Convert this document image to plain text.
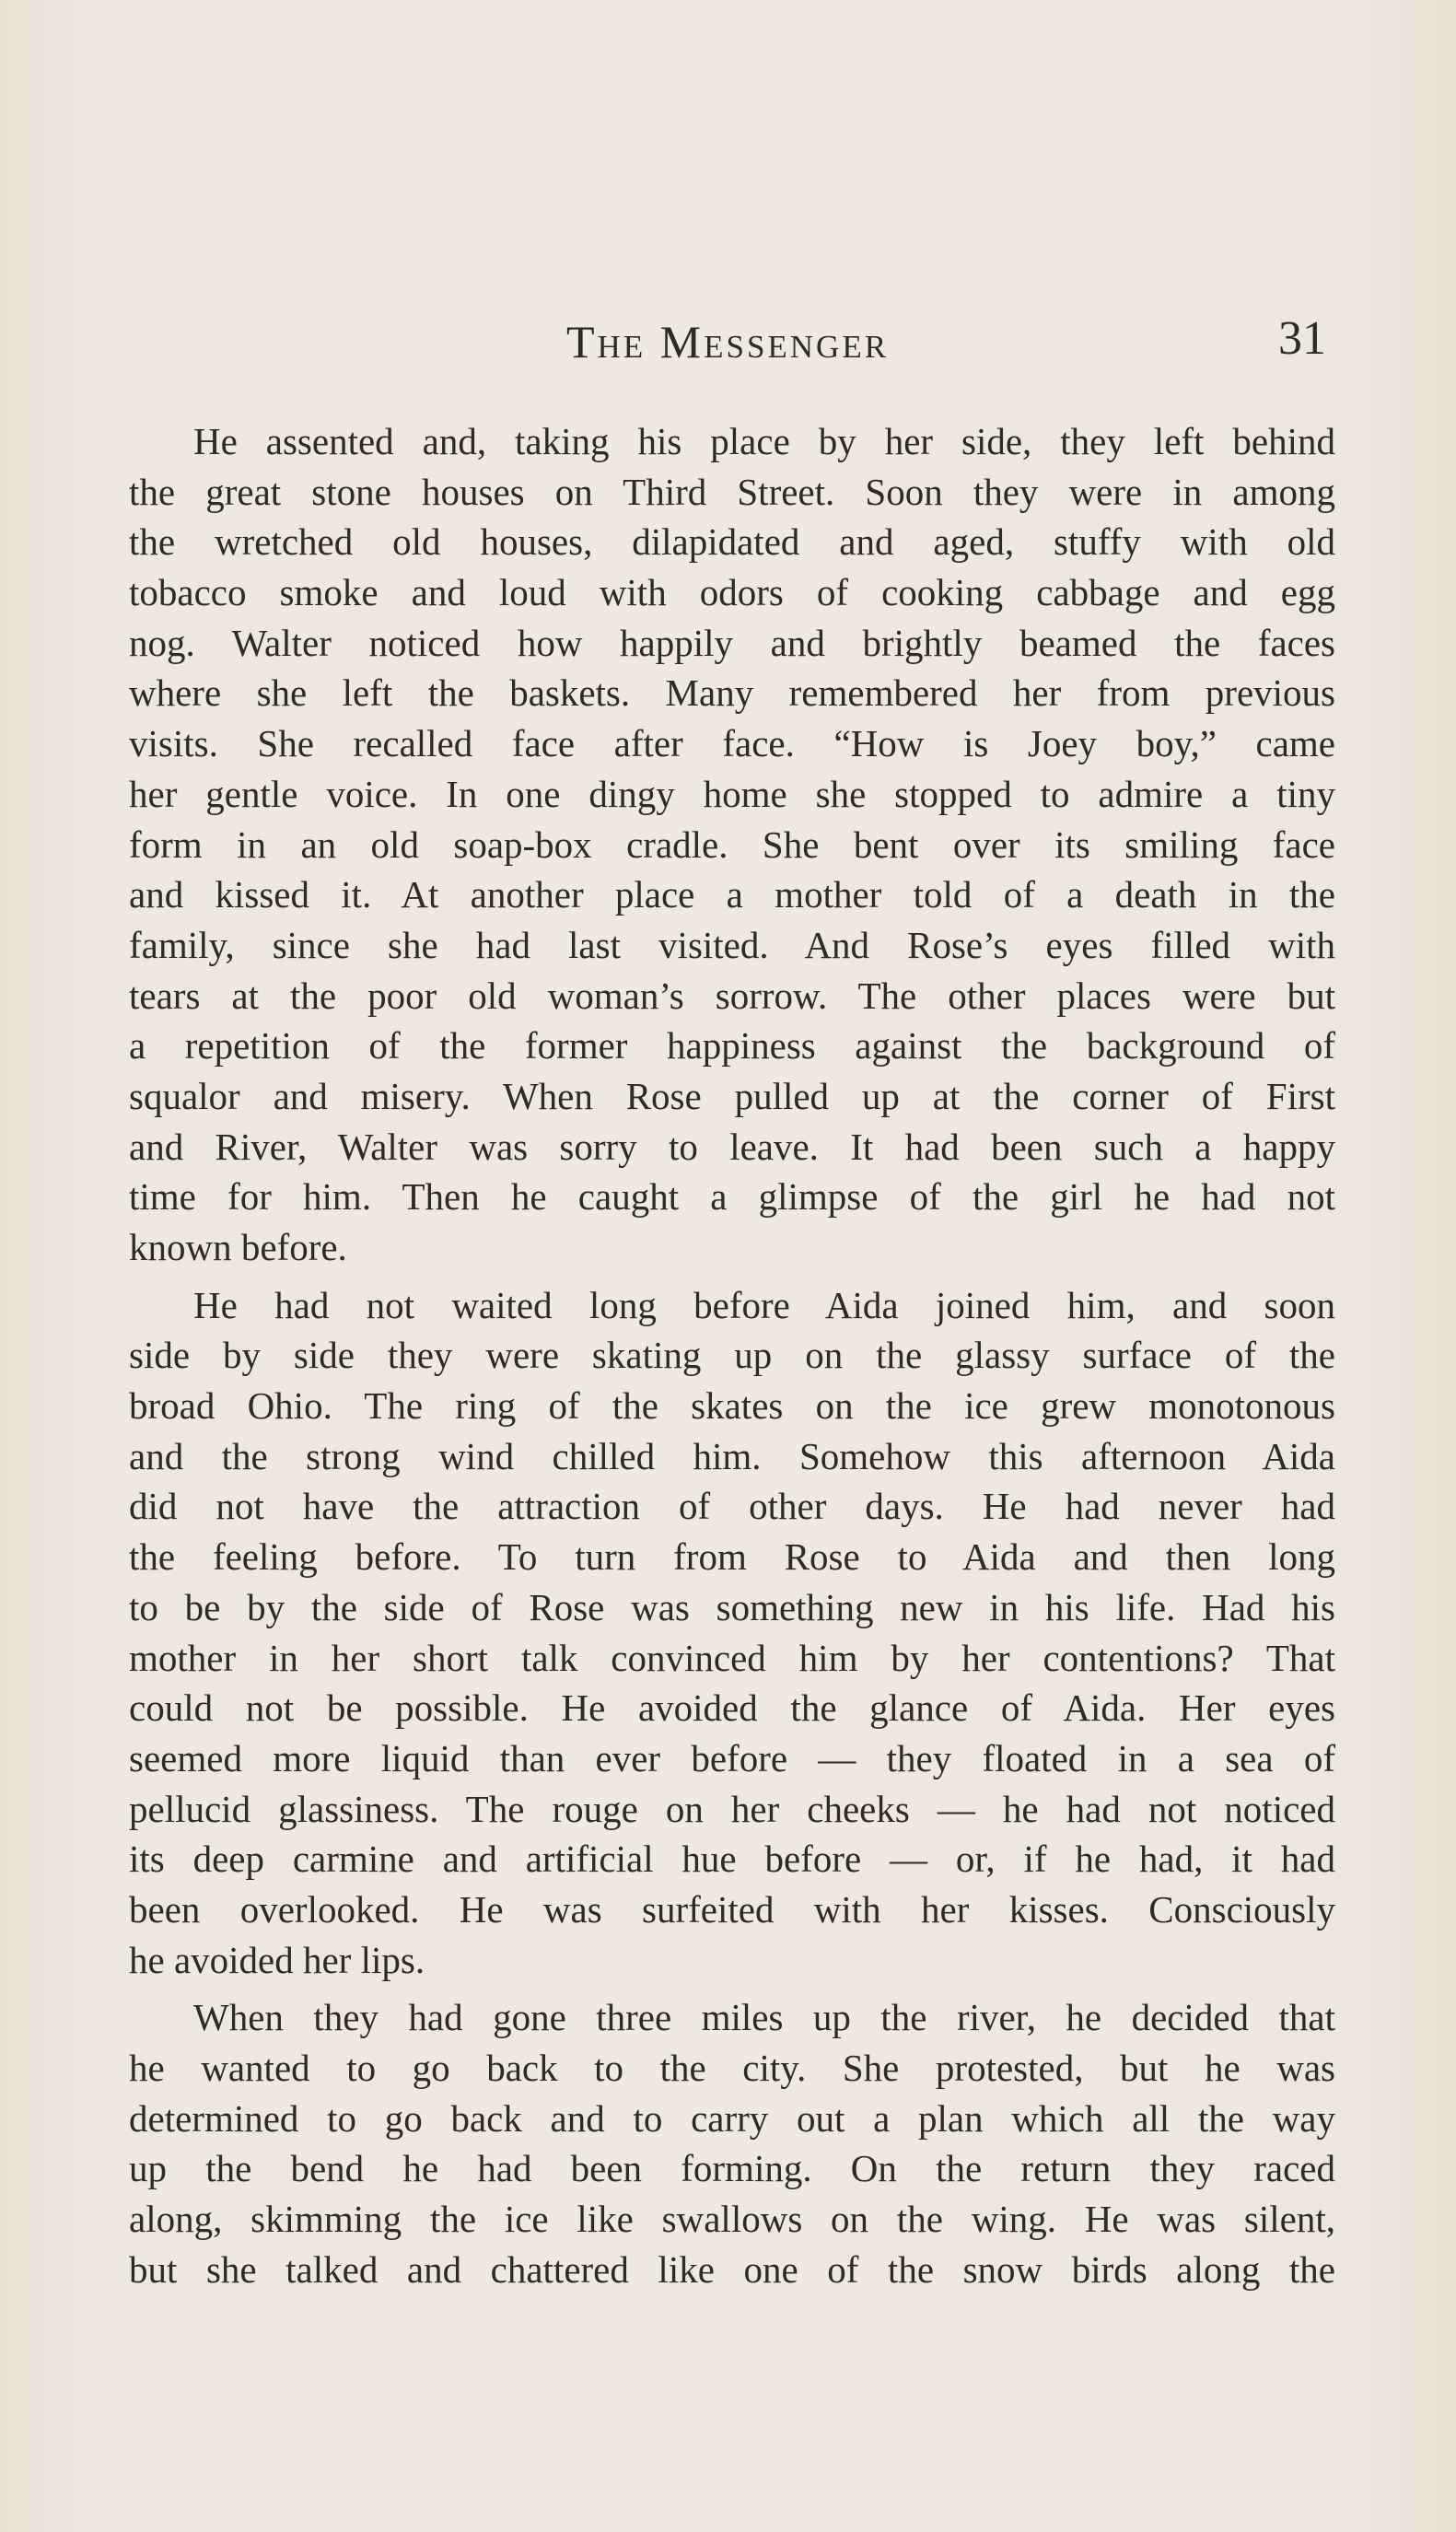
The Messenger	31
He assented and, taking his place by her side, they left behind
the great stone houses on Third Street. Soon they were in among
the wretched old houses, dilapidated and aged, stuffy with old
tobacco smoke and loud with odors of cooking cabbage and egg
nog. Walter noticed how happily and brightly beamed the faces
where she left the baskets. Many remembered her from previous
visits. She recalled face after face. “How is Joey boy,” came
her gentle voice. In one dingy home she stopped to admire a tiny
form in an old soap-box cradle. She bent over its smiling face
and kissed it. At another place a mother told of a death in the
family, since she had last visited. And Rose’s eyes filled with
tears at the poor old woman’s sorrow. The other places were but
a repetition of the former happiness against the background of
squalor and misery. When Rose pulled up at the corner of First
and River, Walter was sorry to leave. It had been such a happy
time for him. Then he caught a glimpse of the girl he had not
known before.
He had not waited long before Aida joined him, and soon
side by side they were skating up on the glassy surface of the
broad Ohio. The ring of the skates on the ice grew monotonous
and the strong wind chilled him. Somehow this afternoon Aida
did not have the attraction of other days. He had never had
the feeling before. To turn from Rose to Aida and then long
to be by the side of Rose was something new in his life. Had his
mother in her short talk convinced him by her contentions? That
could not be possible. He avoided the glance of Aida. Her eyes
seemed more liquid than ever before — they floated in a sea of
pellucid glassiness. The rouge on her cheeks — he had not noticed
its deep carmine and artificial hue before — or, if he had, it had
been overlooked. He was surfeited with her kisses. Consciously
he avoided her lips.
When they had gone three miles up the river, he decided that
he wanted to go back to the city. She protested, but he was
determined to go back and to carry out a plan which all the way
up the bend he had been forming. On the return they raced
along, skimming the ice like swallows on the wing. He was silent,
but she talked and chattered like one of the snow birds along the
